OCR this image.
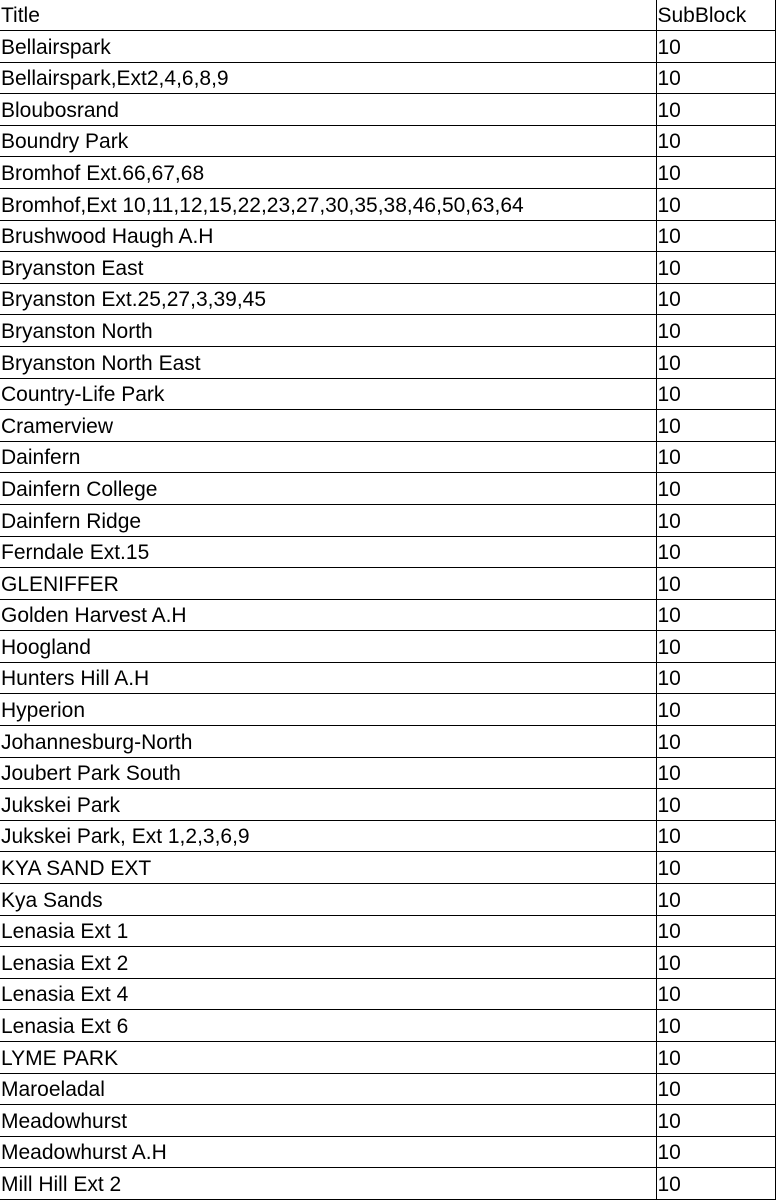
Title	SubBlock
Bellairspark	10
Bellairspark,Ext2,4,6,8,9	10
Bloubosrand	10
Boundry Park	10
Bromhof Ext.66,67,68	10
Bromhof,Ext 10,11,12,15,22,23,27,30,35,38,46,50,63,64	10
Brushwood Haugh A.H	10
Bryanston East	10
Bryanston Ext.25,27,3,39,45	10
Bryanston North	10
Bryanston North East	10
Country-Life Park	10
Cramerview	10
Dainfern	10
Dainfern College	10
Dainfern Ridge	10
Ferndale Ext.15	10
GLENIFFER	10
Golden Harvest A.H	10
Hoogland	10
Hunters Hill A.H	10
Hyperion	10
Johannesburg-North	10
Joubert Park South	10
Jukskei Park	10
Jukskei Park, Ext 1,2,3,6,9	10
KYA SAND EXT	10
Kya Sands	10
Lenasia Ext 1	10
Lenasia Ext 2	10
Lenasia Ext 4	10
Lenasia Ext 6	10
LYME PARK	10
Maroeladal	10
Meadowhurst	10
Meadowhurst A.H	10
Mill Hill Ext 2	10
